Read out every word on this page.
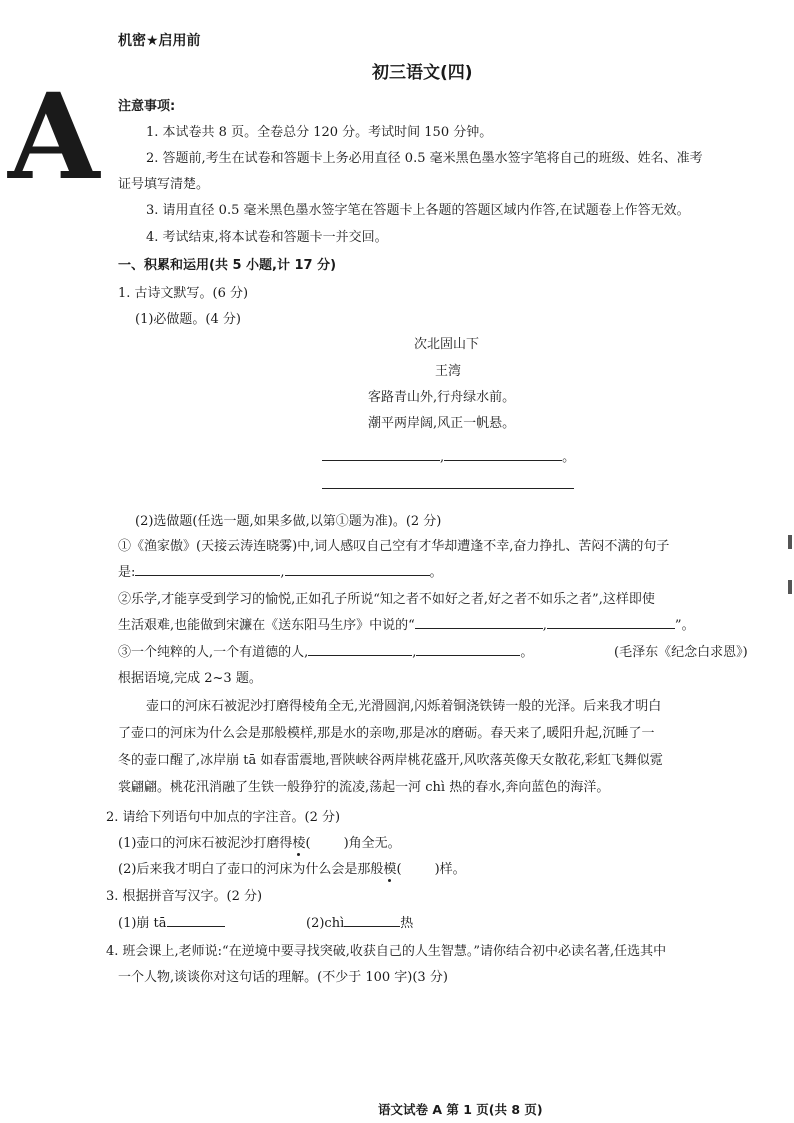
机密★启用前
初三语文(四)
A 注意事项:
1. 本试卷共 8 页。全卷总分 120 分。考试时间 150 分钟。
2. 答题前,考生在试卷和答题卡上务必用直径 0.5 毫米黑色墨水签字笔将自己的班级、姓名、准考
证号填写清楚。
3. 请用直径 0.5 毫米黑色墨水签字笔在答题卡上各题的答题区域内作答,在试题卷上作答无效。
4. 考试结束,将本试卷和答题卡一并交回。
一、积累和运用(共 5 小题,计 17 分)
1. 古诗文默写。(6 分)
(1)必做题。(4 分)
次北固山下
王湾
客路青山外,行舟绿水前。
潮平两岸阔,风正一帆悬。
,	。
(2)选做题(任选一题,如果多做,以第①题为准)。(2 分)
①《渔家傲》(天接云涛连晓雾)中,词人感叹自己空有才华却遭逢不幸,奋力挣扎、苦闷不满的句子
是:	,	。
②乐学,才能享受到学习的愉悦,正如孔子所说“知之者不如好之者,好之者不如乐之者”,这样即使
生活艰难,也能做到宋濂在《送东阳马生序》中说的“	,	”。
③一个纯粹的人,一个有道德的人,	,	。	(毛泽东《纪念白求恩》)
根据语境,完成 2~3 题。
壶口的河床石被泥沙打磨得棱角全无,光滑圆润,闪烁着铜浇铁铸一般的光泽。后来我才明白
了壶口的河床为什么会是那般模样,那是水的亲吻,那是冰的磨砺。春天来了,暖阳升起,沉睡了一
冬的壶口醒了,冰岸崩 tā 如春雷震地,晋陕峡谷两岸桃花盛开,风吹落英像天女散花,彩虹飞舞似霓
裳翩翩。桃花汛消融了生铁一般狰狞的流凌,荡起一河 chì 热的春水,奔向蓝色的海洋。
2. 请给下列语句中加点的字注音。(2 分)
(1)壶口的河床石被泥沙打磨得棱(        )角全无。
(2)后来我才明白了壶口的河床为什么会是那般模(        )样。
3. 根据拼音写汉字。(2 分)
(1)崩 tā	(2)chì	热
4. 班会课上,老师说:“在逆境中要寻找突破,收获自己的人生智慧。”请你结合初中必读名著,任选其中
一个人物,谈谈你对这句话的理解。(不少于 100 字)(3 分)
语文试卷 A 第 1 页(共 8 页)
